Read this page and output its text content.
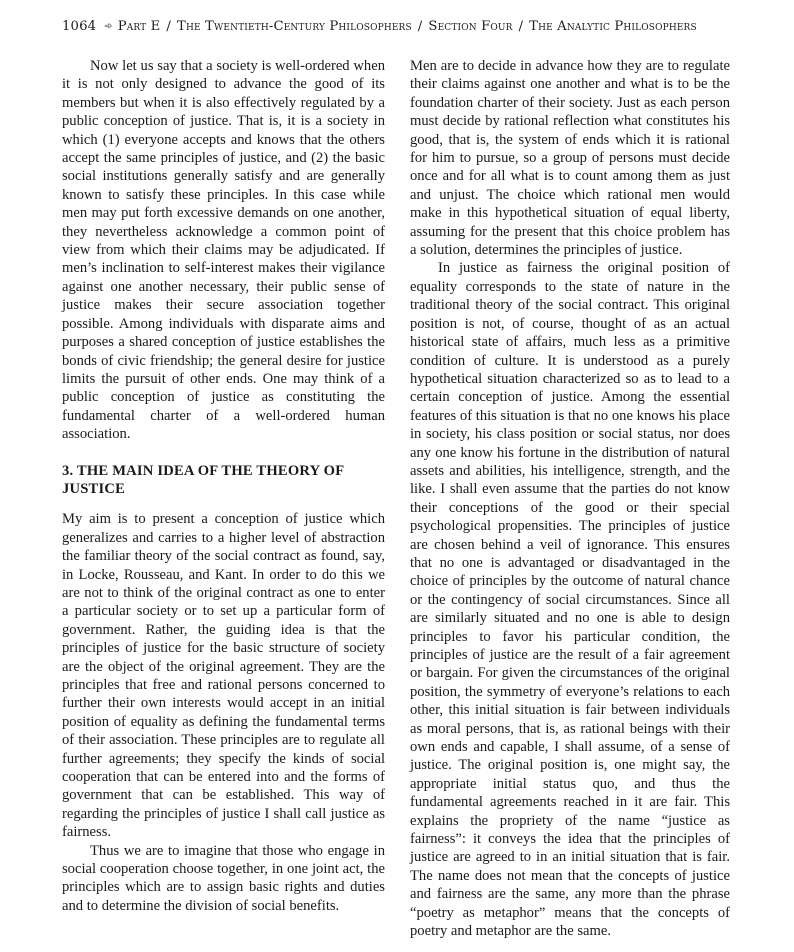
1064 ➾ Part E / The Twentieth-Century Philosophers / Section Four / The Analytic Philosophers

Now let us say that a society is well-ordered when it is not only designed to advance the good of its members but when it is also effectively regulated by a public conception of justice. That is, it is a society in which (1) everyone accepts and knows that the others accept the same principles of justice, and (2) the basic social institutions generally satisfy and are generally known to satisfy these principles. In this case while men may put forth excessive demands on one another, they nevertheless acknowledge a common point of view from which their claims may be adjudicated. If men’s inclination to self-interest makes their vigilance against one another necessary, their public sense of justice makes their secure association together possible. Among individuals with disparate aims and purposes a shared conception of justice establishes the bonds of civic friendship; the general desire for justice limits the pursuit of other ends. One may think of a public conception of justice as constituting the fundamental charter of a well-ordered human association.

3. THE MAIN IDEA OF THE THEORY OF JUSTICE

My aim is to present a conception of justice which generalizes and carries to a higher level of abstraction the familiar theory of the social contract as found, say, in Locke, Rousseau, and Kant. In order to do this we are not to think of the original contract as one to enter a particular society or to set up a particular form of government. Rather, the guiding idea is that the principles of justice for the basic structure of society are the object of the original agreement. They are the principles that free and rational persons concerned to further their own interests would accept in an initial position of equality as defining the fundamental terms of their association. These principles are to regulate all further agreements; they specify the kinds of social cooperation that can be entered into and the forms of government that can be established. This way of regarding the principles of justice I shall call justice as fairness.

Thus we are to imagine that those who engage in social cooperation choose together, in one joint act, the principles which are to assign basic rights and duties and to determine the division of social benefits.

Men are to decide in advance how they are to regulate their claims against one another and what is to be the foundation charter of their society. Just as each person must decide by rational reflection what constitutes his good, that is, the system of ends which it is rational for him to pursue, so a group of persons must decide once and for all what is to count among them as just and unjust. The choice which rational men would make in this hypothetical situation of equal liberty, assuming for the present that this choice problem has a solution, determines the principles of justice.

In justice as fairness the original position of equality corresponds to the state of nature in the traditional theory of the social contract. This original position is not, of course, thought of as an actual historical state of affairs, much less as a primitive condition of culture. It is understood as a purely hypothetical situation characterized so as to lead to a certain conception of justice. Among the essential features of this situation is that no one knows his place in society, his class position or social status, nor does any one know his fortune in the distribution of natural assets and abilities, his intelligence, strength, and the like. I shall even assume that the parties do not know their conceptions of the good or their special psychological propensities. The principles of justice are chosen behind a veil of ignorance. This ensures that no one is advantaged or disadvantaged in the choice of principles by the outcome of natural chance or the contingency of social circumstances. Since all are similarly situated and no one is able to design principles to favor his particular condition, the principles of justice are the result of a fair agreement or bargain. For given the circumstances of the original position, the symmetry of everyone’s relations to each other, this initial situation is fair between individuals as moral persons, that is, as rational beings with their own ends and capable, I shall assume, of a sense of justice. The original position is, one might say, the appropriate initial status quo, and thus the fundamental agreements reached in it are fair. This explains the propriety of the name “justice as fairness”: it conveys the idea that the principles of justice are agreed to in an initial situation that is fair. The name does not mean that the concepts of justice and fairness are the same, any more than the phrase “poetry as metaphor” means that the concepts of poetry and metaphor are the same.
